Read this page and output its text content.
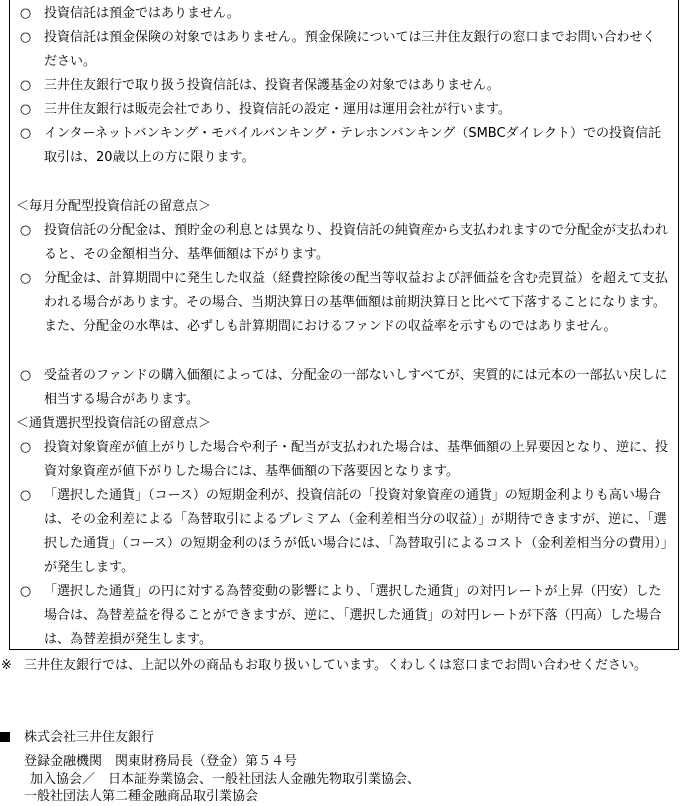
○ 投資信託は預金ではありません。
○ 投資信託は預金保険の対象ではありません。預金保険については三井住友銀行の窓口までお問い合わせください。
○ 三井住友銀行で取り扱う投資信託は、投資者保護基金の対象ではありません。
○ 三井住友銀行は販売会社であり、投資信託の設定・運用は運用会社が行います。
○ インターネットバンキング・モバイルバンキング・テレホンバンキング（SMBCダイレクト）での投資信託取引は、20歳以上の方に限ります。
＜毎月分配型投資信託の留意点＞
○ 投資信託の分配金は、預貯金の利息とは異なり、投資信託の純資産から支払われますので分配金が支払われると、その金額相当分、基準価額は下がります。
○ 分配金は、計算期間中に発生した収益（経費控除後の配当等収益および評価益を含む売買益）を超えて支払われる場合があります。その場合、当期決算日の基準価額は前期決算日と比べて下落することになります。また、分配金の水準は、必ずしも計算期間におけるファンドの収益率を示すものではありません。
○ 受益者のファンドの購入価額によっては、分配金の一部ないしすべてが、実質的には元本の一部払い戻しに相当する場合があります。
＜通貨選択型投資信託の留意点＞
○ 投資対象資産が値上がりした場合や利子・配当が支払われた場合は、基準価額の上昇要因となり、逆に、投資対象資産が値下がりした場合には、基準価額の下落要因となります。
○ 「選択した通貨」（コース）の短期金利が、投資信託の「投資対象資産の通貨」の短期金利よりも高い場合は、その金利差による「為替取引によるプレミアム（金利差相当分の収益）」が期待できますが、逆に、「選択した通貨」（コース）の短期金利のほうが低い場合には、「為替取引によるコスト（金利差相当分の費用）」が発生します。
○ 「選択した通貨」の円に対する為替変動の影響により、「選択した通貨」の対円レートが上昇（円安）した場合は、為替差益を得ることができますが、逆に、「選択した通貨」の対円レートが下落（円高）した場合は、為替差損が発生します。
※ 三井住友銀行では、上記以外の商品もお取り扱いしています。くわしくは窓口までお問い合わせください。
株式会社三井住友銀行
登録金融機関　関東財務局長（登金）第５４号
加入協会／　日本証券業協会、一般社団法人金融先物取引業協会、
一般社団法人第二種金融商品取引業協会
